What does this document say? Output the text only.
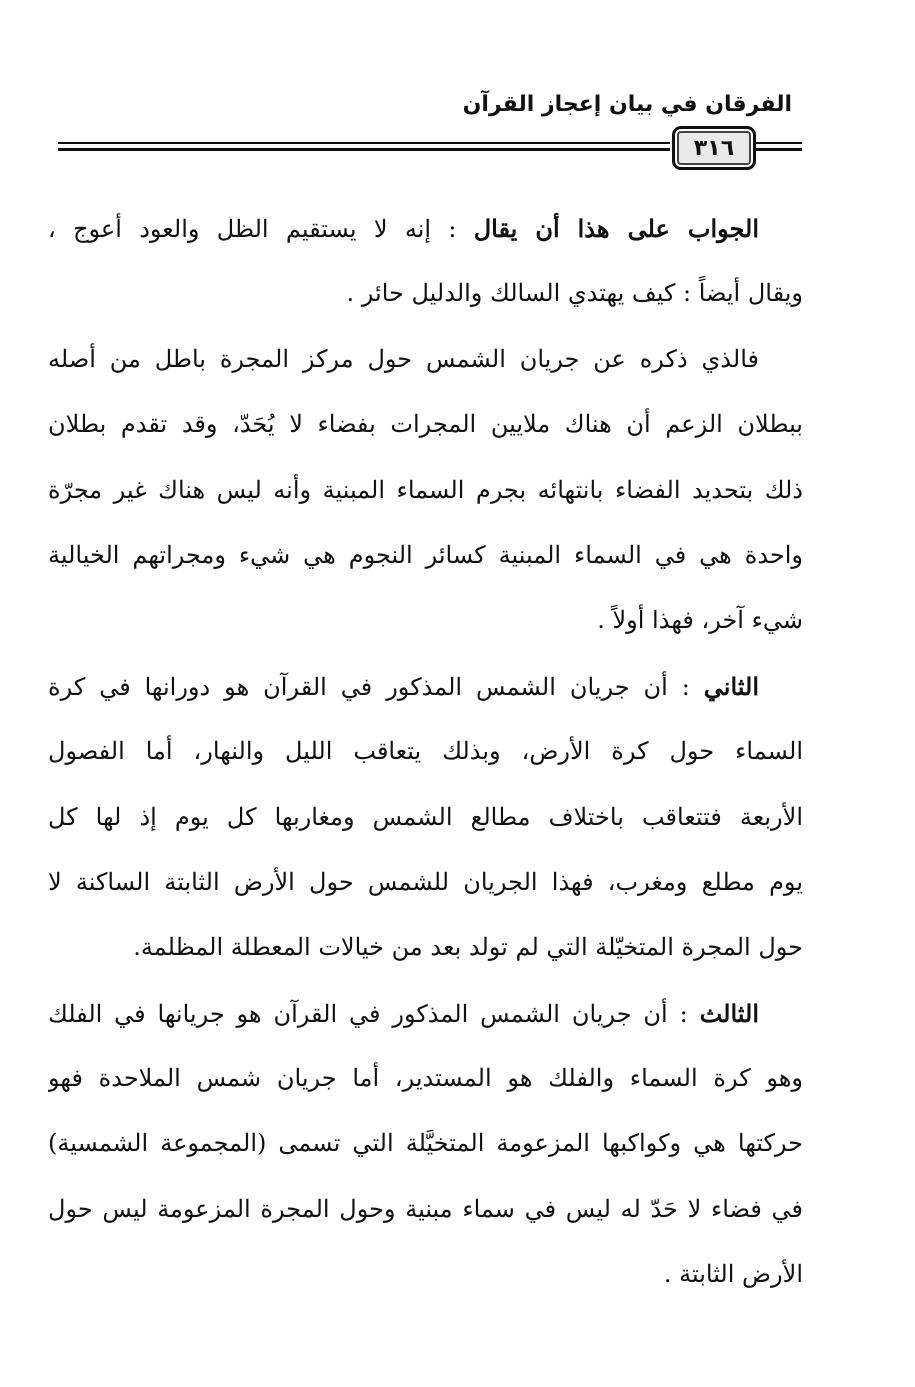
الفرقان في بيان إعجاز القرآن
٣١٦
الجواب على هذا أن يقال : إنه لا يستقيم الظل والعود أعوج ،
ويقال أيضاً : كيف يهتدي السالك والدليل حائر .
فالذي ذكره عن جريان الشمس حول مركز المجرة باطل من أصله
ببطلان الزعم أن هناك ملايين المجرات بفضاء لا يُحَدّ، وقد تقدم بطلان
ذلك بتحديد الفضاء بانتهائه بجرم السماء المبنية وأنه ليس هناك غير مجرّة
واحدة هي في السماء المبنية كسائر النجوم هي شيء ومجراتهم الخيالية
شيء آخر، فهذا أولاً .
الثاني : أن جريان الشمس المذكور في القرآن هو دورانها في كرة
السماء حول كرة الأرض، وبذلك يتعاقب الليل والنهار، أما الفصول
الأربعة فتتعاقب باختلاف مطالع الشمس ومغاربها كل يوم إذ لها كل
يوم مطلع ومغرب، فهذا الجريان للشمس حول الأرض الثابتة الساكنة لا
حول المجرة المتخيّلة التي لم تولد بعد من خيالات المعطلة المظلمة.
الثالث : أن جريان الشمس المذكور في القرآن هو جريانها في الفلك
وهو كرة السماء والفلك هو المستدير، أما جريان شمس الملاحدة فهو
حركتها هي وكواكبها المزعومة المتخيَّلة التي تسمى (المجموعة الشمسية)
في فضاء لا حَدّ له ليس في سماء مبنية وحول المجرة المزعومة ليس حول
الأرض الثابتة .
